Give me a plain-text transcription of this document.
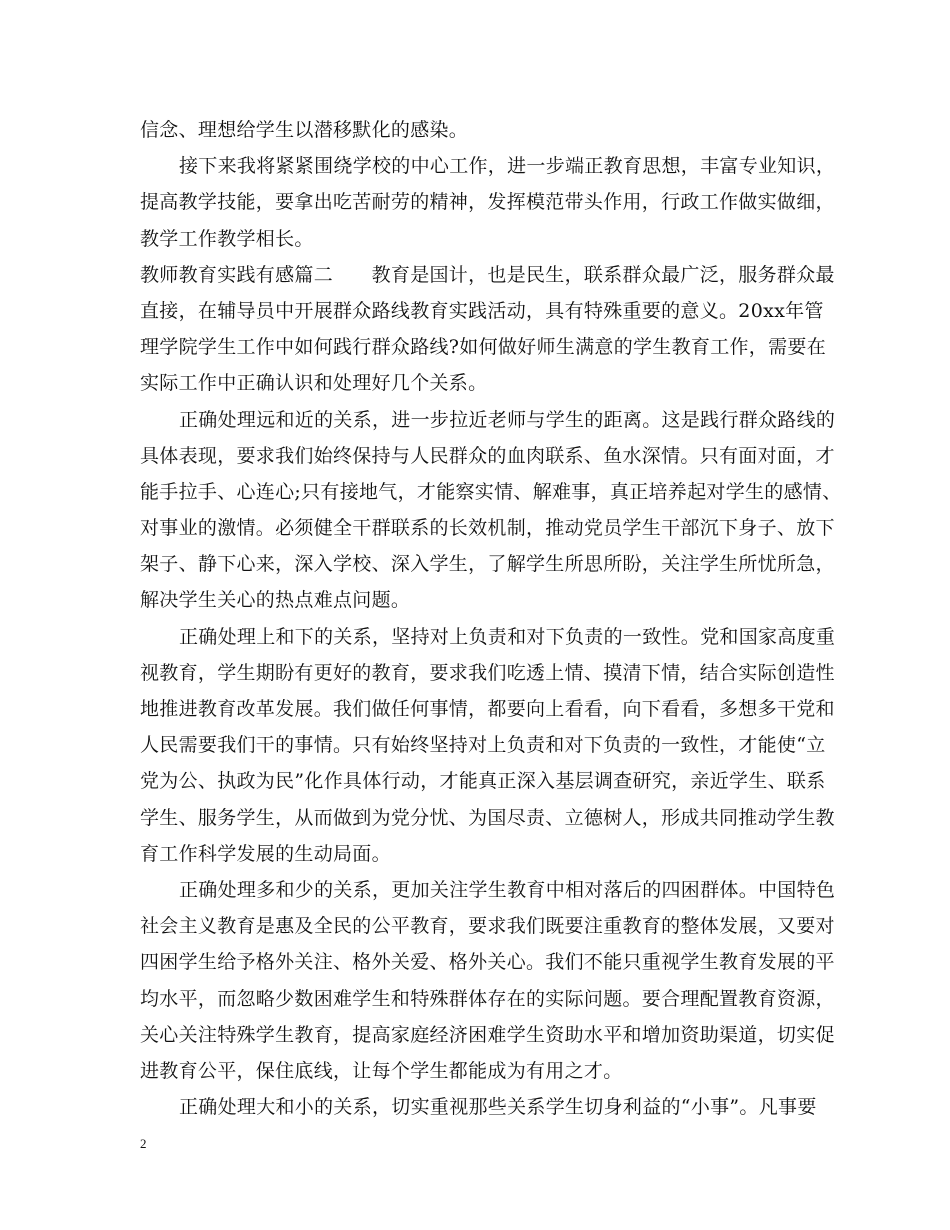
信念、理想给学生以潜移默化的感染。
接下来我将紧紧围绕学校的中心工作，进一步端正教育思想，丰富专业知识，
提高教学技能，要拿出吃苦耐劳的精神，发挥模范带头作用，行政工作做实做细，
教学工作教学相长。
教师教育实践有感篇二　　教育是国计，也是民生，联系群众最广泛，服务群众最
直接，在辅导员中开展群众路线教育实践活动，具有特殊重要的意义。20xx年管
理学院学生工作中如何践行群众路线?如何做好师生满意的学生教育工作，需要在
实际工作中正确认识和处理好几个关系。
正确处理远和近的关系，进一步拉近老师与学生的距离。这是践行群众路线的
具体表现，要求我们始终保持与人民群众的血肉联系、鱼水深情。只有面对面，才
能手拉手、心连心;只有接地气，才能察实情、解难事，真正培养起对学生的感情、
对事业的激情。必须健全干群联系的长效机制，推动党员学生干部沉下身子、放下
架子、静下心来，深入学校、深入学生，了解学生所思所盼，关注学生所忧所急，
解决学生关心的热点难点问题。
正确处理上和下的关系，坚持对上负责和对下负责的一致性。党和国家高度重
视教育，学生期盼有更好的教育，要求我们吃透上情、摸清下情，结合实际创造性
地推进教育改革发展。我们做任何事情，都要向上看看，向下看看，多想多干党和
人民需要我们干的事情。只有始终坚持对上负责和对下负责的一致性，才能使“立
党为公、执政为民”化作具体行动，才能真正深入基层调查研究，亲近学生、联系
学生、服务学生，从而做到为党分忧、为国尽责、立德树人，形成共同推动学生教
育工作科学发展的生动局面。
正确处理多和少的关系，更加关注学生教育中相对落后的四困群体。中国特色
社会主义教育是惠及全民的公平教育，要求我们既要注重教育的整体发展，又要对
四困学生给予格外关注、格外关爱、格外关心。我们不能只重视学生教育发展的平
均水平，而忽略少数困难学生和特殊群体存在的实际问题。要合理配置教育资源，
关心关注特殊学生教育，提高家庭经济困难学生资助水平和增加资助渠道，切实促
进教育公平，保住底线，让每个学生都能成为有用之才。
正确处理大和小的关系，切实重视那些关系学生切身利益的“小事”。凡事要
2
